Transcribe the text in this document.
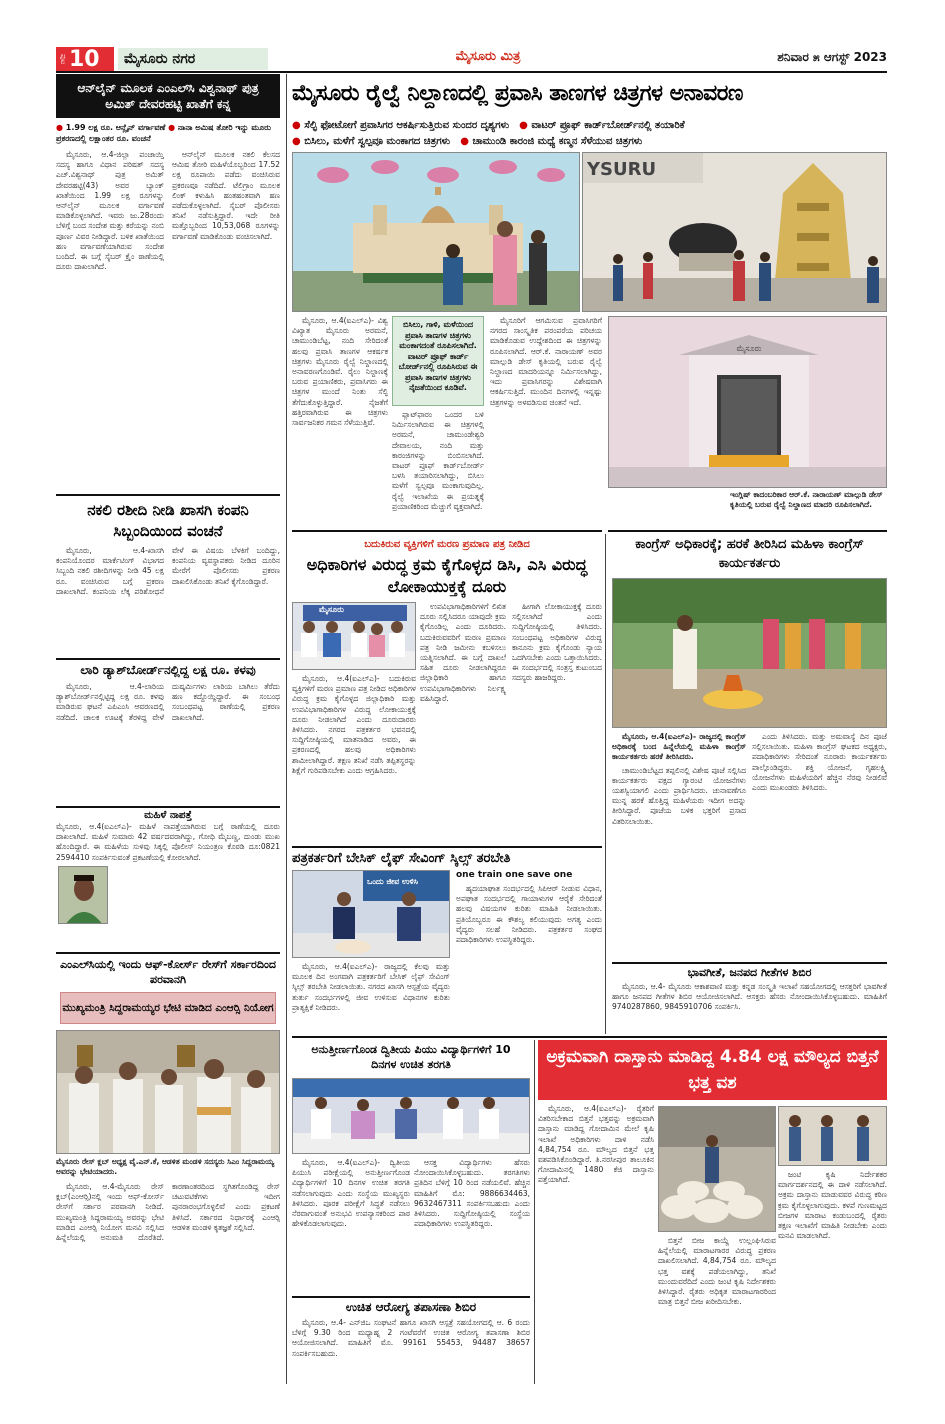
ಪುಟ 10	ಮೈಸೂರು ನಗರ	ಮೈಸೂರು ಮಿತ್ರ	ಶನಿವಾರ ೫ ಆಗಸ್ಟ್ 2023
ಆನ್‍ಲೈನ್ ಮೂಲಕ ಎಂಎಲ್‍ಸಿ ವಿಶ್ವನಾಥ್ ಪುತ್ರ ಅಮಿತ್ ದೇವರಹಟ್ಟಿ ಖಾತೆಗೆ ಕನ್ನ
● 1.99 ಲಕ್ಷ ರೂ. ಆನ್ಲೈನ್ ವರ್ಗಾವಣೆ ● ನಾನಾ ಅಮಿಷ ತೋರಿ ಇನ್ನು ಮೂರು ಪ್ರಕರಣದಲ್ಲಿ ಲಕ್ಷಾಂತರ ರೂ. ವಂಚನೆ

ಮೈಸೂರು, ಆ.4-ಜಿಲ್ಲಾ ಪಂಚಾಯ್ತಿ ಸದಸ್ಯ ಹಾಗೂ ವಿಧಾನ ಪರಿಷತ್ ಸದಸ್ಯ ಎಚ್.ವಿಶ್ವನಾಥ್ ಪುತ್ರ ಅಮಿತ್ ದೇವರಹಟ್ಟಿ(43) ಅವರ ಬ್ಯಾಂಕ್ ಖಾತೆಯಿಂದ 1.99 ಲಕ್ಷ ರೂಗಳನ್ನು ಆನ್‍ಲೈನ್ ಮೂಲಕ ವರ್ಗಾವಣೆ ಮಾಡಿಕೊಳ್ಳಲಾಗಿದೆ. ಇವರು ಜು.28ರಂದು ಬೆಳಿಗ್ಗೆ ಬಂದ ಸಂದೇಶ ಮತ್ತು ಕರೆಯನ್ನು ನಂಬಿ ಪೂರ್ಣ ವಿವರ ನೀಡಿದ್ದಾರೆ. ಬಳಿಕ ಖಾತೆಯಿಂದ ಹಣ ವರ್ಗಾವಣೆಯಾಗಿರುವ ಸಂದೇಶ ಬಂದಿದೆ. ಈ ಬಗ್ಗೆ ಸೈಬರ್ ಕ್ರೈಂ ಠಾಣೆಯಲ್ಲಿ ದೂರು ದಾಖಲಾಗಿದೆ.

ಆನ್‍ಲೈನ್ ಮೂಲಕ ನಕಲಿ ಕೆಲಸದ ಆಮಿಷ ತೋರಿ ಮಹಿಳೆಯೊಬ್ಬರಿಂದ 17.52 ಲಕ್ಷ ರೂಪಾಯಿ ಪಡೆದು ವಂಚಿಸಿರುವ ಪ್ರಕರಣವೂ ನಡೆದಿದೆ. ಟೆಲಿಗ್ರಾಂ ಮೂಲಕ ಲಿಂಕ್ ಕಳುಹಿಸಿ ಹಂತಹಂತವಾಗಿ ಹಣ ಪಡೆದುಕೊಳ್ಳಲಾಗಿದೆ. ಸೈಬರ್ ಪೊಲೀಸರು ತನಿಖೆ ನಡೆಸುತ್ತಿದ್ದಾರೆ. ಇದೇ ರೀತಿ ಮತ್ತೊಬ್ಬರಿಂದ 10,53,068 ರೂಗಳನ್ನು ವರ್ಗಾವಣೆ ಮಾಡಿಕೊಂಡು ವಂಚಿಸಲಾಗಿದೆ.

ನಕಲಿ ರಶೀದಿ ನೀಡಿ ಖಾಸಗಿ ಕಂಪನಿ ಸಿಬ್ಬಂದಿಯಿಂದ ವಂಚನೆ

ಮೈಸೂರು, ಆ.4-ಖಾಸಗಿ ಕಂಪನಿಯೊಂದರ ಮಾರ್ಕೆಟಿಂಗ್ ವಿಭಾಗದ ಸಿಬ್ಬಂದಿ ನಕಲಿ ರಶೀದಿಗಳನ್ನು ನೀಡಿ 45 ಲಕ್ಷ ರೂ. ವಂಚಿಸಿರುವ ಬಗ್ಗೆ ಪ್ರಕರಣ ದಾಖಲಾಗಿದೆ. ಕಂಪನಿಯ ಲೆಕ್ಕ ಪರಿಶೋಧನೆ ವೇಳೆ ಈ ವಿಷಯ ಬೆಳಕಿಗೆ ಬಂದಿದ್ದು, ಕಂಪನಿಯ ವ್ಯವಸ್ಥಾಪಕರು ನೀಡಿದ ದೂರಿನ ಮೇರೆಗೆ ಪೊಲೀಸರು ಪ್ರಕರಣ ದಾಖಲಿಸಿಕೊಂಡು ತನಿಖೆ ಕೈಗೊಂಡಿದ್ದಾರೆ.

ಲಾರಿ ಡ್ಯಾಶ್‍ಬೋರ್ಡ್‍ನಲ್ಲಿದ್ದ ಲಕ್ಷ ರೂ. ಕಳವು

ಮೈಸೂರು, ಆ.4-ಲಾರಿಯ ಡ್ಯಾಶ್‍ಬೋರ್ಡ್‍ನಲ್ಲಿಟ್ಟಿದ್ದ ಲಕ್ಷ ರೂ. ಕಳವು ಮಾಡಿರುವ ಘಟನೆ ಎಪಿಎಂಸಿ ಆವರಣದಲ್ಲಿ ನಡೆದಿದೆ. ಚಾಲಕ ಊಟಕ್ಕೆ ತೆರಳಿದ್ದ ವೇಳೆ ದುಷ್ಕರ್ಮಿಗಳು ಲಾರಿಯ ಬಾಗಿಲು ತೆರೆದು ಹಣ ಕದ್ದೊಯ್ದಿದ್ದಾರೆ. ಈ ಸಂಬಂಧ ಸಂಬಂಧಪಟ್ಟ ಠಾಣೆಯಲ್ಲಿ ಪ್ರಕರಣ ದಾಖಲಾಗಿದೆ.

ಮಹಿಳೆ ನಾಪತ್ತೆ

ಮೈಸೂರು, ಆ.4(ಐಎಲ್‍ಎ)- ಮಹಿಳೆ ನಾಪತ್ತೆಯಾಗಿರುವ ಬಗ್ಗೆ ಠಾಣೆಯಲ್ಲಿ ದೂರು ದಾಖಲಾಗಿದೆ. ಮಹಿಳೆ ಸುಮಾರು 42 ವರ್ಷದವರಾಗಿದ್ದು, ಗೋಧಿ ಮೈಬಣ್ಣ, ದುಂಡು ಮುಖ ಹೊಂದಿದ್ದಾರೆ. ಈ ಮಹಿಳೆಯ ಸುಳಿವು ಸಿಕ್ಕಲ್ಲಿ ಪೊಲೀಸ್ ನಿಯಂತ್ರಣ ಕೊಠಡಿ ದೂ:0821 2594410 ಸಂಪರ್ಕಿಸುವಂತೆ ಪ್ರಕಟಣೆಯಲ್ಲಿ ಕೋರಲಾಗಿದೆ.

ಎಂಎಲ್‍ಸಿಯಲ್ಲಿ ಇಂದು ಆಫ್-ಕೋರ್ಸ್ ರೇಸ್‍ಗೆ ಸರ್ಕಾರದಿಂದ ಪರವಾನಗಿ
ಮುಖ್ಯಮಂತ್ರಿ ಸಿದ್ದರಾಮಯ್ಯರ ಭೇಟಿ ಮಾಡಿದ ಎಂಆರ್‍ಸಿ ನಿಯೋಗ
ಮೈಸೂರು ರೇಸ್ ಕ್ಲಬ್ ಅಧ್ಯಕ್ಷ ವೈ.ಎನ್.ಕೆ, ಆಡಳಿತ ಮಂಡಳಿ ಸದಸ್ಯರು ಸಿಎಂ ಸಿದ್ದರಾಮಯ್ಯ ಅವರನ್ನು ಭೇಟಿಯಾದರು.

ಮೈಸೂರು, ಆ.4-ಮೈಸೂರು ರೇಸ್ ಕ್ಲಬ್(ಎಂಆರ್‍ಸಿ)ನಲ್ಲಿ ಇಂದು ಆಫ್-ಕೋರ್ಸ್ ರೇಸ್‍ಗೆ ಸರ್ಕಾರ ಪರವಾನಗಿ ನೀಡಿದೆ. ಮುಖ್ಯಮಂತ್ರಿ ಸಿದ್ದರಾಮಯ್ಯ ಅವರನ್ನು ಭೇಟಿ ಮಾಡಿದ ಎಂಆರ್‍ಸಿ ನಿಯೋಗ ಮನವಿ ಸಲ್ಲಿಸಿದ ಹಿನ್ನೆಲೆಯಲ್ಲಿ ಅನುಮತಿ ದೊರೆತಿದೆ. ಕಾರಣಾಂತರದಿಂದ ಸ್ಥಗಿತಗೊಂಡಿದ್ದ ರೇಸ್ ಚಟುವಟಿಕೆಗಳು ಇದೀಗ ಪುನರಾರಂಭಗೊಳ್ಳಲಿವೆ ಎಂದು ಪ್ರಕಟಣೆ ತಿಳಿಸಿದೆ. ಸರ್ಕಾರದ ನಿರ್ಧಾರಕ್ಕೆ ಎಂಆರ್‍ಸಿ ಆಡಳಿತ ಮಂಡಳಿ ಕೃತಜ್ಞತೆ ಸಲ್ಲಿಸಿದೆ.

ಮೈಸೂರು ರೈಲ್ವೆ ನಿಲ್ದಾಣದಲ್ಲಿ ಪ್ರವಾಸಿ ತಾಣಗಳ ಚಿತ್ರಗಳ ಅನಾವರಣ
● ಸೆಲ್ಫಿ ಫೋಟೋಗೆ ಪ್ರವಾಸಿಗರ ಆಕರ್ಷಿಸುತ್ತಿರುವ ಸುಂದರ ದೃಶ್ಯಗಳು ● ವಾಟರ್ ಪ್ರೂಫ್ ಕಾರ್ಡ್‍ಬೋರ್ಡ್‍ನಲ್ಲಿ ತಯಾರಿಕೆ
● ಬಿಸಿಲು, ಮಳೆಗೆ ಸ್ವಲ್ಪವೂ ಮಂಕಾಗದ ಚಿತ್ರಗಳು ● ಚಾಮುಂಡಿ ಕಾರಂಜಿ ಮಧ್ಯೆ ಕಣ್ಮನ ಸೆಳೆಯುವ ಚಿತ್ರಗಳು
YSURU

ಮೈಸೂರು, ಆ.4(ಐಎಲ್‍ಎ)- ವಿಶ್ವ ವಿಖ್ಯಾತ ಮೈಸೂರು ಅರಮನೆ, ಚಾಮುಂಡಿಬೆಟ್ಟ, ನಂದಿ ಸೇರಿದಂತೆ ಹಲವು ಪ್ರವಾಸಿ ತಾಣಗಳ ಆಕರ್ಷಕ ಚಿತ್ರಗಳು ಮೈಸೂರು ರೈಲ್ವೆ ನಿಲ್ದಾಣದಲ್ಲಿ ಅನಾವರಣಗೊಂಡಿವೆ. ರೈಲು ನಿಲ್ದಾಣಕ್ಕೆ ಬರುವ ಪ್ರಯಾಣಿಕರು, ಪ್ರವಾಸಿಗರು ಈ ಚಿತ್ರಗಳ ಮುಂದೆ ನಿಂತು ಸೆಲ್ಫಿ ತೆಗೆದುಕೊಳ್ಳುತ್ತಿದ್ದಾರೆ. ನೈಜತೆಗೆ ಹತ್ತಿರವಾಗಿರುವ ಈ ಚಿತ್ರಗಳು ಸಾರ್ವಜನಿಕರ ಗಮನ ಸೆಳೆಯುತ್ತಿವೆ.

ಬಿಸಿಲು, ಗಾಳಿ, ಮಳೆಯಿಂದ ಪ್ರವಾಸಿ ತಾಣಗಳ ಚಿತ್ರಗಳು ಮಂಕಾಗದಂತೆ ರೂಪಿಸಲಾಗಿದೆ. ವಾಟರ್ ಪ್ರೂಫ್ ಕಾರ್ಡ್ ಬೋರ್ಡ್‍ನಲ್ಲಿ ರೂಪಿಸಿರುವ ಈ ಪ್ರವಾಸಿ ತಾಣಗಳ ಚಿತ್ರಗಳು ನೈಜತೆಯಿಂದ ಕೂಡಿವೆ.

ಪ್ಲಾಟ್‍ಫಾರಂ ಒಂದರ ಬಳಿ ನಿರ್ಮಿಸಲಾಗಿರುವ ಈ ಚಿತ್ರಗಳಲ್ಲಿ ಅರಮನೆ, ಚಾಮುಂಡೇಶ್ವರಿ ದೇವಾಲಯ, ನಂದಿ ಮತ್ತು ಕಾರಂಜಿಗಳನ್ನು ಬಿಂಬಿಸಲಾಗಿದೆ. ವಾಟರ್ ಪ್ರೂಫ್ ಕಾರ್ಡ್‍ಬೋರ್ಡ್ ಬಳಸಿ ತಯಾರಿಸಲಾಗಿದ್ದು, ಬಿಸಿಲು ಮಳೆಗೆ ಸ್ವಲ್ಪವೂ ಮಂಕಾಗುವುದಿಲ್ಲ. ರೈಲ್ವೆ ಇಲಾಖೆಯ ಈ ಪ್ರಯತ್ನಕ್ಕೆ ಪ್ರಯಾಣಿಕರಿಂದ ಮೆಚ್ಚುಗೆ ವ್ಯಕ್ತವಾಗಿದೆ.

ಮೈಸೂರಿಗೆ ಆಗಮಿಸುವ ಪ್ರವಾಸಿಗರಿಗೆ ನಗರದ ಸಾಂಸ್ಕೃತಿಕ ಪರಂಪರೆಯ ಪರಿಚಯ ಮಾಡಿಕೊಡುವ ಉದ್ದೇಶದಿಂದ ಈ ಚಿತ್ರಗಳನ್ನು ರೂಪಿಸಲಾಗಿದೆ. ಆರ್.ಕೆ. ನಾರಾಯಣ್ ಅವರ ಮಾಲ್ಗುಡಿ ಡೇಸ್ ಕೃತಿಯಲ್ಲಿ ಬರುವ ರೈಲ್ವೆ ನಿಲ್ದಾಣದ ಮಾದರಿಯನ್ನೂ ನಿರ್ಮಿಸಲಾಗಿದ್ದು, ಇದು ಪ್ರವಾಸಿಗರನ್ನು ವಿಶೇಷವಾಗಿ ಆಕರ್ಷಿಸುತ್ತಿದೆ. ಮುಂದಿನ ದಿನಗಳಲ್ಲಿ ಇನ್ನಷ್ಟು ಚಿತ್ರಗಳನ್ನು ಅಳವಡಿಸುವ ಚಿಂತನೆ ಇದೆ.

ಮೈಸೂರು
ಇಂಗ್ಲಿಷ್ ಕಾದಂಬರಿಕಾರ ಆರ್.ಕೆ. ನಾರಾಯಣ್ ಮಾಲ್ಗುಡಿ ಡೇಸ್ ಕೃತಿಯಲ್ಲಿ ಬರುವ ರೈಲ್ವೆ ನಿಲ್ದಾಣದ ಮಾದರಿ ರೂಪಿಸಲಾಗಿದೆ.
ಬದುಕಿರುವ ವ್ಯಕ್ತಿಗಳಿಗೆ ಮರಣ ಪ್ರಮಾಣ ಪತ್ರ ನೀಡಿದ
ಅಧಿಕಾರಿಗಳ ವಿರುದ್ಧ ಕ್ರಮ ಕೈಗೊಳ್ಳದ ಡಿಸಿ, ಎಸಿ ವಿರುದ್ಧ ಲೋಕಾಯುಕ್ತಕ್ಕೆ ದೂರು
ಮೈಸೂರು	ಉಪವಿಭಾಗಾಧಿಕಾರಿಗಳಿಗೆ ಲಿಖಿತ ದೂರು ಸಲ್ಲಿಸಿದರೂ ಯಾವುದೇ ಕ್ರಮ ಕೈಗೊಂಡಿಲ್ಲ ಎಂದು ದೂರಿದರು. ಬದುಕಿರುವವರಿಗೆ ಮರಣ ಪ್ರಮಾಣ ಪತ್ರ ನೀಡಿ ಜಮೀನು ಕಬಳಿಸಲು ಯತ್ನಿಸಲಾಗಿದೆ. ಈ ಬಗ್ಗೆ ದಾಖಲೆ ಸಹಿತ ದೂರು ನೀಡಲಾಗಿದ್ದರೂ ಜಿಲ್ಲಾಧಿಕಾರಿ ಹಾಗೂ ಉಪವಿಭಾಗಾಧಿಕಾರಿಗಳು ನಿರ್ಲಕ್ಷ್ಯ ವಹಿಸಿದ್ದಾರೆ.

ಹೀಗಾಗಿ ಲೋಕಾಯುಕ್ತಕ್ಕೆ ದೂರು ಸಲ್ಲಿಸಲಾಗಿದೆ ಎಂದು ಸುದ್ದಿಗೋಷ್ಠಿಯಲ್ಲಿ ತಿಳಿಸಿದರು. ಸಂಬಂಧಪಟ್ಟ ಅಧಿಕಾರಿಗಳ ವಿರುದ್ಧ ಕಾನೂನು ಕ್ರಮ ಕೈಗೊಂಡು ನ್ಯಾಯ ಒದಗಿಸಬೇಕು ಎಂದು ಒತ್ತಾಯಿಸಿದರು. ಈ ಸಂದರ್ಭದಲ್ಲಿ ಸಂತ್ರಸ್ತ ಕುಟುಂಬದ ಸದಸ್ಯರು ಹಾಜರಿದ್ದರು.

ಮೈಸೂರು, ಆ.4(ಐಎಲ್‍ಎ)- ಬದುಕಿರುವ ವ್ಯಕ್ತಿಗಳಿಗೆ ಮರಣ ಪ್ರಮಾಣ ಪತ್ರ ನೀಡಿದ ಅಧಿಕಾರಿಗಳ ವಿರುದ್ಧ ಕ್ರಮ ಕೈಗೊಳ್ಳದ ಜಿಲ್ಲಾಧಿಕಾರಿ ಮತ್ತು ಉಪವಿಭಾಗಾಧಿಕಾರಿಗಳ ವಿರುದ್ಧ ಲೋಕಾಯುಕ್ತಕ್ಕೆ ದೂರು ನೀಡಲಾಗಿದೆ ಎಂದು ದೂರುದಾರರು ತಿಳಿಸಿದರು. ನಗರದ ಪತ್ರಕರ್ತರ ಭವನದಲ್ಲಿ ಸುದ್ದಿಗೋಷ್ಠಿಯಲ್ಲಿ ಮಾತನಾಡಿದ ಅವರು, ಈ ಪ್ರಕರಣದಲ್ಲಿ ಹಲವು ಅಧಿಕಾರಿಗಳು ಶಾಮೀಲಾಗಿದ್ದಾರೆ. ತಕ್ಷಣ ತನಿಖೆ ನಡೆಸಿ ತಪ್ಪಿತಸ್ಥರನ್ನು ಶಿಕ್ಷೆಗೆ ಗುರಿಪಡಿಸಬೇಕು ಎಂದು ಆಗ್ರಹಿಸಿದರು.

ಪತ್ರಕರ್ತರಿಗೆ ಬೇಸಿಕ್ ಲೈಫ್ ಸೇವಿಂಗ್ ಸ್ಕಿಲ್ಸ್ ತರಬೇತಿ
ಒಂದು ಜೀವ ಉಳಿಸಿ
one train one save one

ಹೃದಯಾಘಾತ ಸಂದರ್ಭದಲ್ಲಿ ಸಿಪಿಆರ್ ನೀಡುವ ವಿಧಾನ, ಅಪಘಾತ ಸಂದರ್ಭದಲ್ಲಿ ಗಾಯಾಳುಗಳ ಆರೈಕೆ ಸೇರಿದಂತೆ ಹಲವು ವಿಷಯಗಳ ಕುರಿತು ಮಾಹಿತಿ ನೀಡಲಾಯಿತು. ಪ್ರತಿಯೊಬ್ಬರೂ ಈ ಕೌಶಲ್ಯ ಕಲಿಯುವುದು ಅಗತ್ಯ ಎಂದು ವೈದ್ಯರು ಸಲಹೆ ನೀಡಿದರು. ಪತ್ರಕರ್ತರ ಸಂಘದ ಪದಾಧಿಕಾರಿಗಳು ಉಪಸ್ಥಿತರಿದ್ದರು.

ಮೈಸೂರು, ಆ.4(ಐಎಲ್‍ಎ)- ರಾಜ್ಯದಲ್ಲಿ ಕೆಲವು ಮತ್ತು ಮೂಲಕ ದಿನ ಅಂಗವಾಗಿ ಪತ್ರಕರ್ತರಿಗೆ ಬೇಸಿಕ್ ಲೈಫ್ ಸೇವಿಂಗ್ ಸ್ಕಿಲ್ಸ್ ತರಬೇತಿ ನೀಡಲಾಯಿತು. ನಗರದ ಖಾಸಗಿ ಆಸ್ಪತ್ರೆಯ ವೈದ್ಯರು ತುರ್ತು ಸಂದರ್ಭಗಳಲ್ಲಿ ಜೀವ ಉಳಿಸುವ ವಿಧಾನಗಳ ಕುರಿತು ಪ್ರಾತ್ಯಕ್ಷಿಕೆ ನೀಡಿದರು.

ಕಾಂಗ್ರೆಸ್ ಅಧಿಕಾರಕ್ಕೆ; ಹರಕೆ ತೀರಿಸಿದ ಮಹಿಳಾ ಕಾಂಗ್ರೆಸ್ ಕಾರ್ಯಕರ್ತರು

ಮೈಸೂರು, ಆ.4(ಐಎಲ್‍ಎ)- ರಾಜ್ಯದಲ್ಲಿ ಕಾಂಗ್ರೆಸ್ ಅಧಿಕಾರಕ್ಕೆ ಬಂದ ಹಿನ್ನೆಲೆಯಲ್ಲಿ ಮಹಿಳಾ ಕಾಂಗ್ರೆಸ್ ಕಾರ್ಯಕರ್ತರು ಹರಕೆ ತೀರಿಸಿದರು.

ಚಾಮುಂಡಿಬೆಟ್ಟದ ತಪ್ಪಲಿನಲ್ಲಿ ವಿಶೇಷ ಪೂಜೆ ಸಲ್ಲಿಸಿದ ಕಾರ್ಯಕರ್ತರು ಪಕ್ಷದ ಗ್ಯಾರಂಟಿ ಯೋಜನೆಗಳು ಯಶಸ್ವಿಯಾಗಲಿ ಎಂದು ಪ್ರಾರ್ಥಿಸಿದರು. ಚುನಾವಣೆಗೂ ಮುನ್ನ ಹರಕೆ ಹೊತ್ತಿದ್ದ ಮಹಿಳೆಯರು ಇದೀಗ ಅದನ್ನು ತೀರಿಸಿದ್ದಾರೆ. ಪೂಜೆಯ ಬಳಿಕ ಭಕ್ತರಿಗೆ ಪ್ರಸಾದ ವಿತರಿಸಲಾಯಿತು.

ಎಂದು ತಿಳಿಸಿದರು. ಮತ್ತು ಅಮವಾಸ್ಯೆ ದಿನ ಪೂಜೆ ಸಲ್ಲಿಸಲಾಯಿತು. ಮಹಿಳಾ ಕಾಂಗ್ರೆಸ್ ಘಟಕದ ಅಧ್ಯಕ್ಷರು, ಪದಾಧಿಕಾರಿಗಳು ಸೇರಿದಂತೆ ನೂರಾರು ಕಾರ್ಯಕರ್ತರು ಪಾಲ್ಗೊಂಡಿದ್ದರು. ಶಕ್ತಿ ಯೋಜನೆ, ಗೃಹಲಕ್ಷ್ಮಿ ಯೋಜನೆಗಳು ಮಹಿಳೆಯರಿಗೆ ಹೆಚ್ಚಿನ ನೆರವು ನೀಡಲಿವೆ ಎಂದು ಮುಖಂಡರು ತಿಳಿಸಿದರು.

ಭಾವಗೀತೆ, ಜನಪದ ಗೀತೆಗಳ ಶಿಬಿರ

ಮೈಸೂರು, ಆ.4- ಮೈಸೂರು ಆಕಾಶವಾಣಿ ಮತ್ತು ಕನ್ನಡ ಸಂಸ್ಕೃತಿ ಇಲಾಖೆ ಸಹಯೋಗದಲ್ಲಿ ಆಸಕ್ತರಿಗೆ ಭಾವಗೀತೆ ಹಾಗೂ ಜನಪದ ಗೀತೆಗಳ ಶಿಬಿರ ಆಯೋಜಿಸಲಾಗಿದೆ. ಆಸಕ್ತರು ಹೆಸರು ನೋಂದಾಯಿಸಿಕೊಳ್ಳಬಹುದು. ಮಾಹಿತಿಗೆ 9740287860, 9845910706 ಸಂಪರ್ಕಿಸಿ.

ಅನುತ್ತೀರ್ಣಗೊಂಡ ದ್ವಿತೀಯ ಪಿಯು ವಿದ್ಯಾರ್ಥಿಗಳಿಗೆ 10 ದಿನಗಳ ಉಚಿತ ತರಗತಿ

ಮೈಸೂರು, ಆ.4(ಐಎಲ್‍ಎ)- ದ್ವಿತೀಯ ಪಿಯುಸಿ ಪರೀಕ್ಷೆಯಲ್ಲಿ ಅನುತ್ತೀರ್ಣಗೊಂಡ ವಿದ್ಯಾರ್ಥಿಗಳಿಗೆ 10 ದಿನಗಳ ಉಚಿತ ತರಗತಿ ನಡೆಸಲಾಗುವುದು ಎಂದು ಸಂಸ್ಥೆಯ ಮುಖ್ಯಸ್ಥರು ತಿಳಿಸಿದರು. ಪೂರಕ ಪರೀಕ್ಷೆಗೆ ಸಿದ್ಧತೆ ನಡೆಸಲು ನೆರವಾಗುವಂತೆ ಅನುಭವಿ ಉಪನ್ಯಾಸಕರಿಂದ ಪಾಠ ಹೇಳಿಕೊಡಲಾಗುವುದು.

ಆಸಕ್ತ ವಿದ್ಯಾರ್ಥಿಗಳು ಹೆಸರು ನೋಂದಾಯಿಸಿಕೊಳ್ಳಬಹುದು. ತರಗತಿಗಳು ಪ್ರತಿದಿನ ಬೆಳಿಗ್ಗೆ 10 ರಿಂದ ನಡೆಯಲಿವೆ. ಹೆಚ್ಚಿನ ಮಾಹಿತಿಗೆ ಮೊ: 9886634463, 9632467311 ಸಂಪರ್ಕಿಸಬಹುದು ಎಂದು ತಿಳಿಸಿದರು. ಸುದ್ದಿಗೋಷ್ಠಿಯಲ್ಲಿ ಸಂಸ್ಥೆಯ ಪದಾಧಿಕಾರಿಗಳು ಉಪಸ್ಥಿತರಿದ್ದರು.

ಉಚಿತ ಆರೋಗ್ಯ ತಪಾಸಣಾ ಶಿಬಿರ

ಮೈಸೂರು, ಆ.4- ಎನ್‍ಜಿಒ ಸಂಘಟನೆ ಹಾಗೂ ಖಾಸಗಿ ಆಸ್ಪತ್ರೆ ಸಹಯೋಗದಲ್ಲಿ ಆ. 6 ರಂದು ಬೆಳಿಗ್ಗೆ 9.30 ರಿಂದ ಮಧ್ಯಾಹ್ನ 2 ಗಂಟೆವರೆಗೆ ಉಚಿತ ಆರೋಗ್ಯ ತಪಾಸಣಾ ಶಿಬಿರ ಆಯೋಜಿಸಲಾಗಿದೆ. ಮಾಹಿತಿಗೆ ಮೊ. 99161 55453, 94487 38657 ಸಂಪರ್ಕಿಸಬಹುದು.

ಅಕ್ರಮವಾಗಿ ದಾಸ್ತಾನು ಮಾಡಿದ್ದ 4.84 ಲಕ್ಷ ಮೌಲ್ಯದ ಬಿತ್ತನೆ ಭತ್ತ ವಶ

ಮೈಸೂರು, ಆ.4(ಐಎಲ್‍ಎ)- ರೈತರಿಗೆ ವಿತರಿಸಬೇಕಾದ ಬಿತ್ತನೆ ಭತ್ತವನ್ನು ಅಕ್ರಮವಾಗಿ ದಾಸ್ತಾನು ಮಾಡಿದ್ದ ಗೋದಾಮಿನ ಮೇಲೆ ಕೃಷಿ ಇಲಾಖೆ ಅಧಿಕಾರಿಗಳು ದಾಳಿ ನಡೆಸಿ 4,84,754 ರೂ. ಮೌಲ್ಯದ ಬಿತ್ತನೆ ಭತ್ತ ವಶಪಡಿಸಿಕೊಂಡಿದ್ದಾರೆ. ತಿ.ನರಸೀಪುರ ತಾಲೂಕಿನ ಗೋದಾಮಿನಲ್ಲಿ 1480 ಕೆಜಿ ದಾಸ್ತಾನು ಪತ್ತೆಯಾಗಿದೆ.

ಬಿತ್ತನೆ ಬೀಜ ಕಾಯ್ದೆ ಉಲ್ಲಂಘಿಸಿರುವ ಹಿನ್ನೆಲೆಯಲ್ಲಿ ಮಾರಾಟಗಾರರ ವಿರುದ್ಧ ಪ್ರಕರಣ ದಾಖಲಿಸಲಾಗಿದೆ. 4,84,754 ರೂ. ಮೌಲ್ಯದ ಭತ್ತ ವಶಕ್ಕೆ ಪಡೆಯಲಾಗಿದ್ದು, ತನಿಖೆ ಮುಂದುವರೆದಿದೆ ಎಂದು ಜಂಟಿ ಕೃಷಿ ನಿರ್ದೇಶಕರು ತಿಳಿಸಿದ್ದಾರೆ. ರೈತರು ಅಧಿಕೃತ ಮಾರಾಟಗಾರರಿಂದ ಮಾತ್ರ ಬಿತ್ತನೆ ಬೀಜ ಖರೀದಿಸಬೇಕು.

ಜಂಟಿ ಕೃಷಿ ನಿರ್ದೇಶಕರ ಮಾರ್ಗದರ್ಶನದಲ್ಲಿ ಈ ದಾಳಿ ನಡೆಸಲಾಗಿದೆ. ಅಕ್ರಮ ದಾಸ್ತಾನು ಮಾಡುವವರ ವಿರುದ್ಧ ಕಠಿಣ ಕ್ರಮ ಕೈಗೊಳ್ಳಲಾಗುವುದು. ಕಳಪೆ ಗುಣಮಟ್ಟದ ಬೀಜಗಳ ಮಾರಾಟ ಕಂಡುಬಂದಲ್ಲಿ ರೈತರು ತಕ್ಷಣ ಇಲಾಖೆಗೆ ಮಾಹಿತಿ ನೀಡಬೇಕು ಎಂದು ಮನವಿ ಮಾಡಲಾಗಿದೆ.
